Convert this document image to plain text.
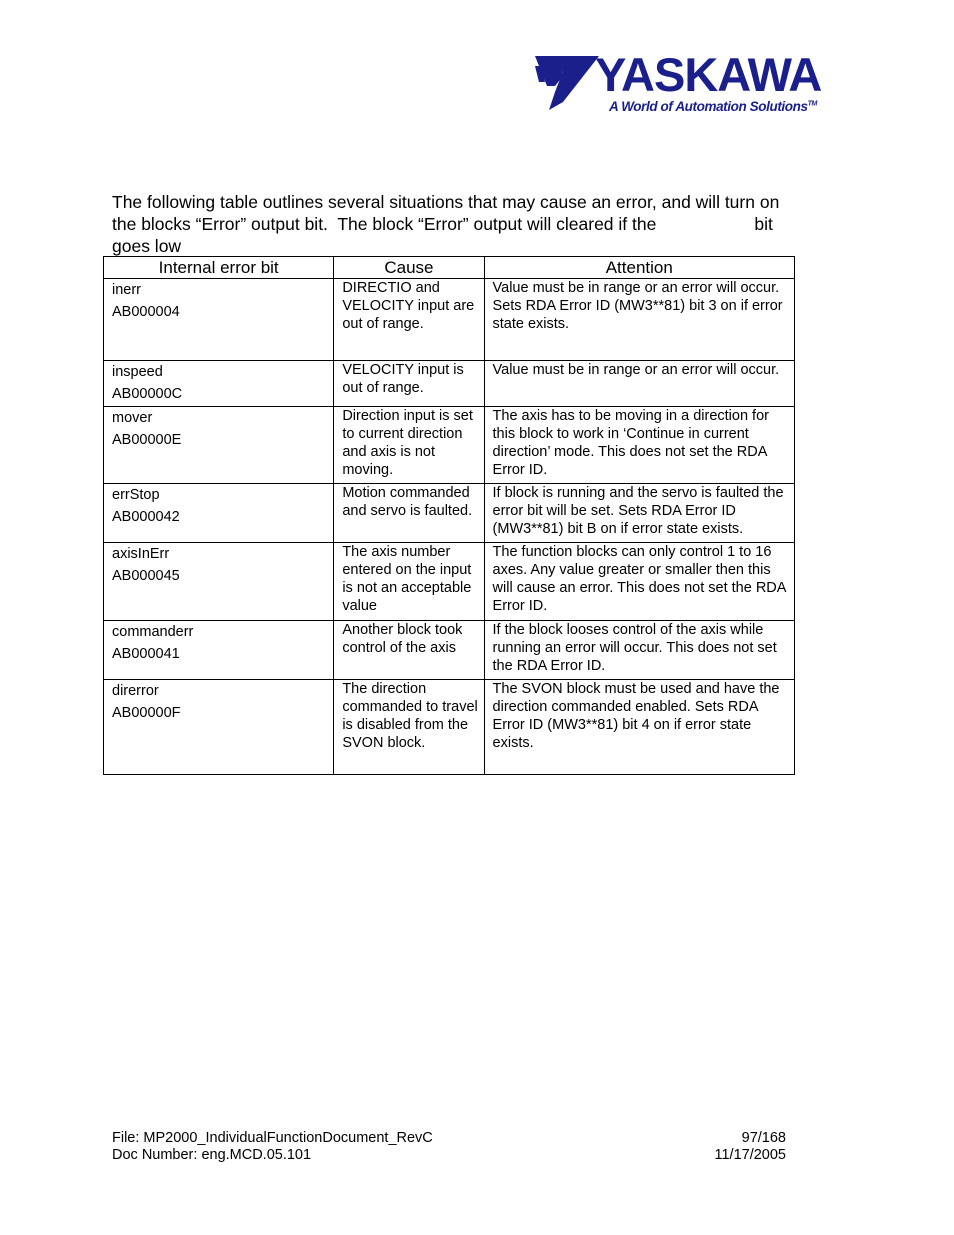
YASKAWA
A World of Automation Solutions™
The following table outlines several situations that may cause an error, and will turn on
the blocks “Error” output bit.  The block “Error” output will cleared if the	bit
goes low
Internal error bit	Cause	Attention

inerr
AB000004	DIRECTIO and VELOCITY input are out of range.	Value must be in range or an error will occur. Sets RDA Error ID (MW3**81) bit 3 on if error state exists.

inspeed
AB00000C	VELOCITY input is out of range.	Value must be in range or an error will occur.

mover
AB00000E	Direction input is set to current direction and axis is not moving.	The axis has to be moving in a direction for this block to work in ‘Continue in current direction’ mode. This does not set the RDA Error ID.

errStop
AB000042	Motion commanded and servo is faulted.	If block is running and the servo is faulted the error bit will be set. Sets RDA Error ID (MW3**81) bit B on if error state exists.

axisInErr
AB000045	The axis number entered on the input is not an acceptable value	The function blocks can only control 1 to 16 axes. Any value greater or smaller then this will cause an error. This does not set the RDA Error ID.

commanderr
AB000041	Another block took control of the axis	If the block looses control of the axis while running an error will occur. This does not set the RDA Error ID.

direrror
AB00000F	The direction commanded to travel is disabled from the SVON block.	The SVON block must be used and have the direction commanded enabled. Sets RDA Error ID (MW3**81) bit 4 on if error state exists.
File: MP2000_IndividualFunctionDocument_RevC	97/168
Doc Number: eng.MCD.05.101	11/17/2005
